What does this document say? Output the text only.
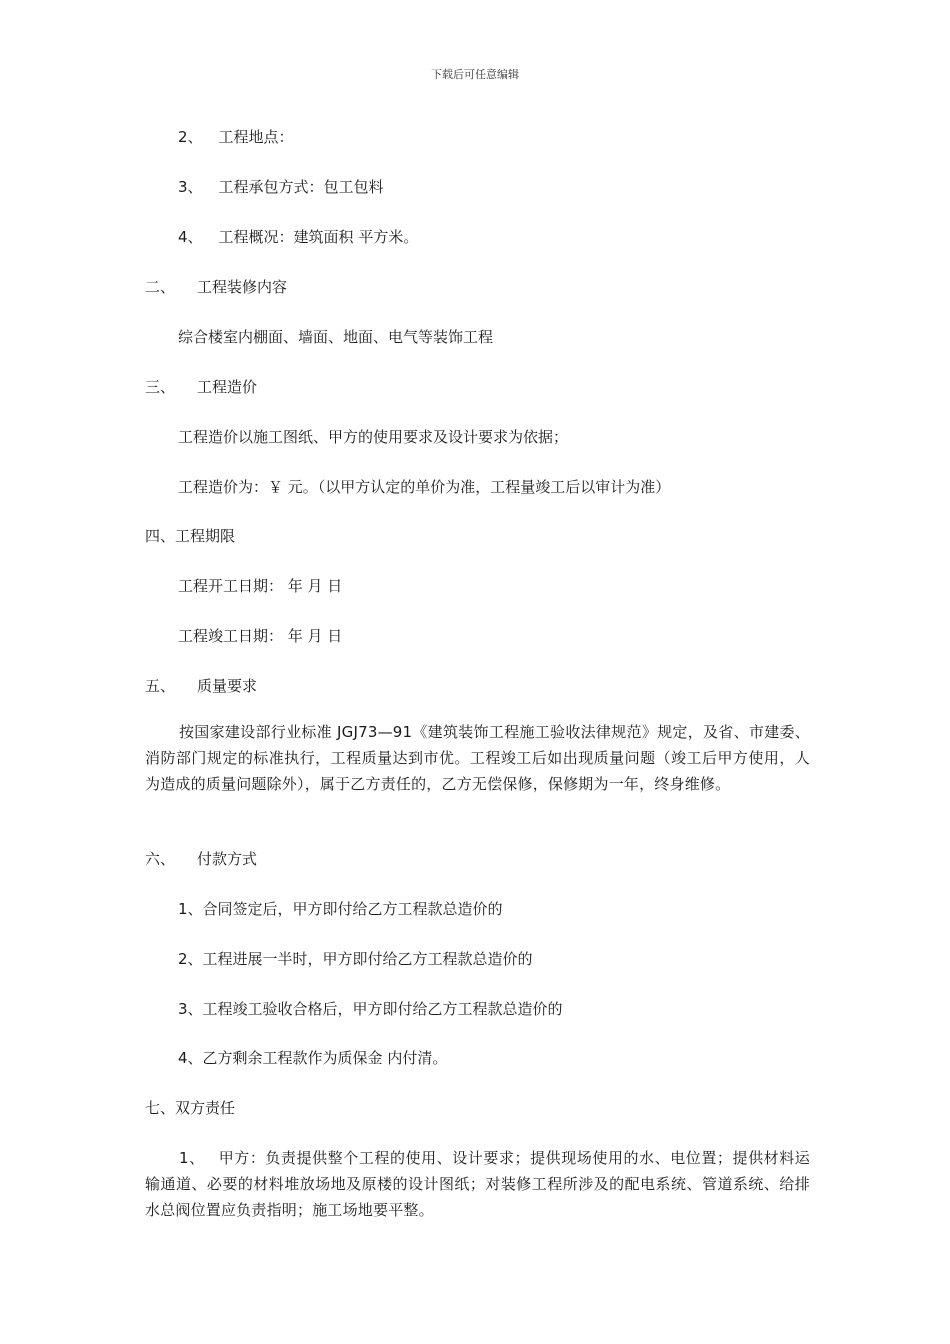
下载后可任意编辑
2、 工程地点：
3、 工程承包方式：包工包料
4、 工程概况：建筑面积 平方米。
二、 工程装修内容
综合楼室内棚面、墙面、地面、电气等装饰工程
三、 工程造价
工程造价以施工图纸、甲方的使用要求及设计要求为依据；
工程造价为：￥ 元。（以甲方认定的单价为准，工程量竣工后以审计为准）
四、工程期限
工程开工日期： 年 月 日
工程竣工日期： 年 月 日
五、 质量要求
按国家建设部行业标准 JGJ73—91《建筑装饰工程施工验收法律规范》规定，及省、市建委、消防部门规定的标准执行，工程质量达到市优。工程竣工后如出现质量问题（竣工后甲方使用，人为造成的质量问题除外），属于乙方责任的，乙方无偿保修，保修期为一年，终身维修。
六、 付款方式
1、合同签定后，甲方即付给乙方工程款总造价的
2、工程进展一半时，甲方即付给乙方工程款总造价的
3、工程竣工验收合格后，甲方即付给乙方工程款总造价的
4、乙方剩余工程款作为质保金 内付清。
七、双方责任
1、 甲方：负责提供整个工程的使用、设计要求；提供现场使用的水、电位置；提供材料运输通道、必要的材料堆放场地及原楼的设计图纸；对装修工程所涉及的配电系统、管道系统、给排水总阀位置应负责指明；施工场地要平整。
